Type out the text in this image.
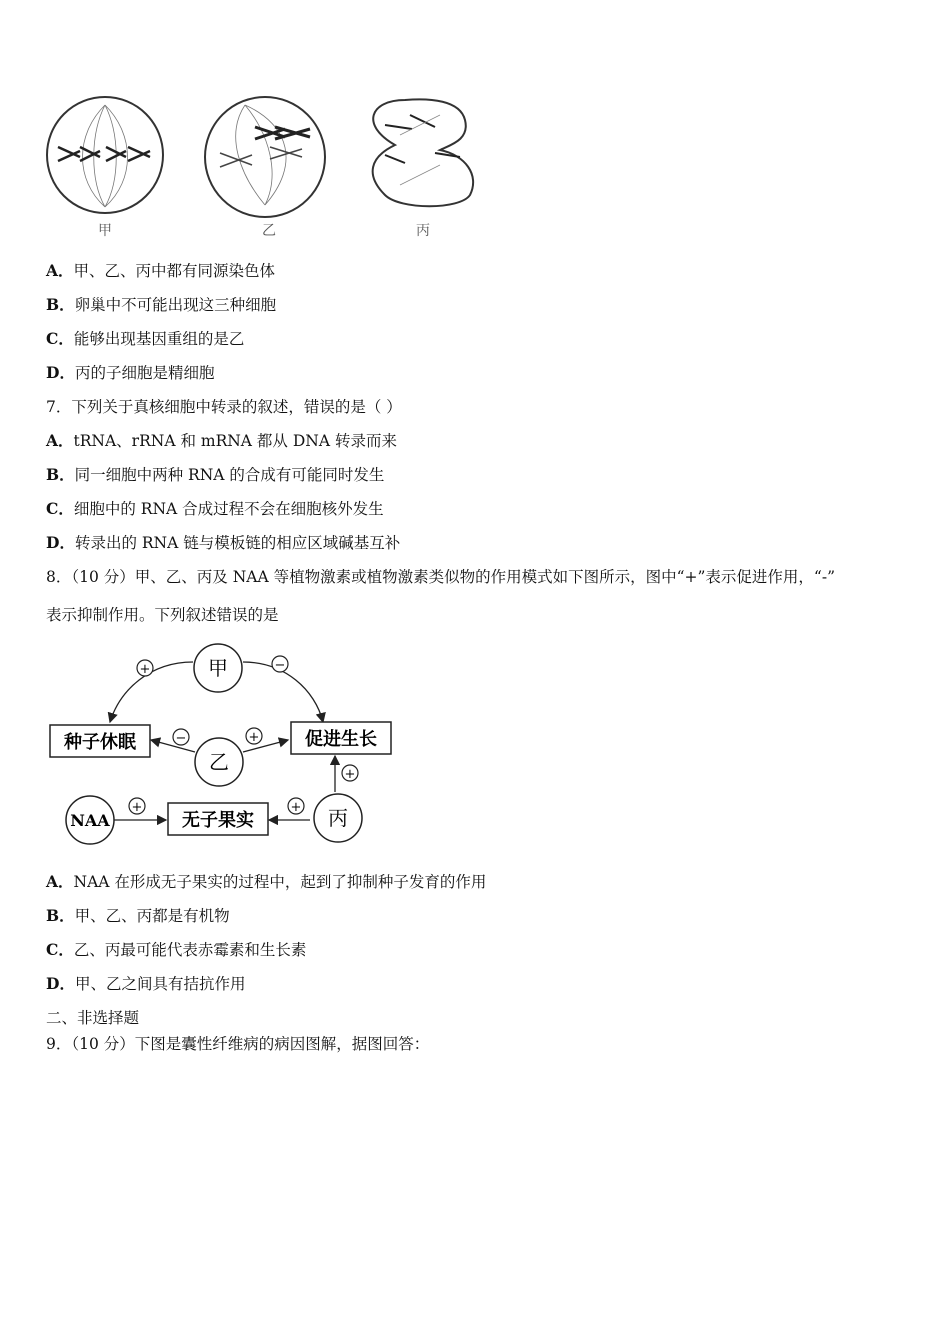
甲	乙	丙
A．甲、乙、丙中都有同源染色体
B．卵巢中不可能出现这三种细胞
C．能够出现基因重组的是乙
D．丙的子细胞是精细胞
7．下列关于真核细胞中转录的叙述，错误的是（ ）
A．tRNA、rRNA 和 mRNA 都从 DNA 转录而来
B．同一细胞中两种 RNA 的合成有可能同时发生
C．细胞中的 RNA 合成过程不会在细胞核外发生
D．转录出的 RNA 链与模板链的相应区域碱基互补
8．（10 分）甲、乙、丙及 NAA 等植物激素或植物激素类似物的作用模式如下图所示，图中“+”表示促进作用，“-”
表示抑制作用。下列叙述错误的是
甲
乙
丙
NAA
种子休眠	促进生长
无子果实
+	−
−	+
+
+	+
A．NAA 在形成无子果实的过程中，起到了抑制种子发育的作用
B．甲、乙、丙都是有机物
C．乙、丙最可能代表赤霉素和生长素
D．甲、乙之间具有拮抗作用
二、非选择题
9．（10 分）下图是囊性纤维病的病因图解，据图回答：
